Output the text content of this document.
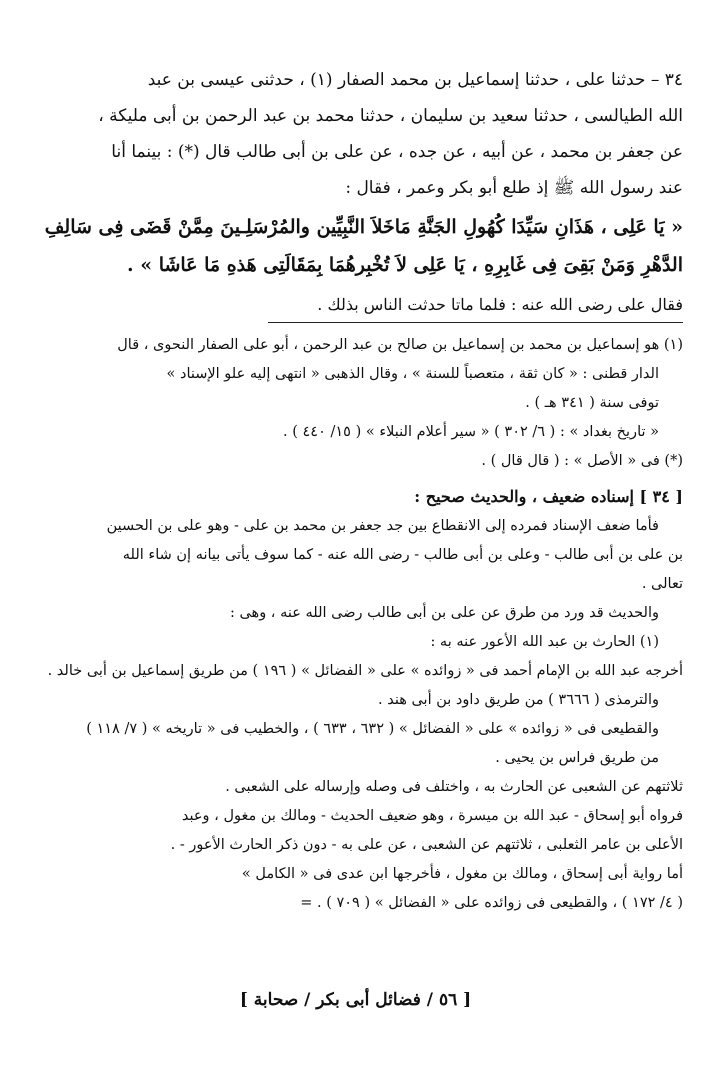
٣٤ – حدثنا على ، حدثنا إسماعيل بن محمد الصفار (١) ، حدثنى عيسى بن عبد

الله الطيالسى ، حدثنا سعيد بن سليمان ، حدثنا محمد بن عبد الرحمن بن أبى مليكة ،

عن جعفر بن محمد ، عن أبيه ، عن جده ، عن على بن أبى طالب قال (*) : بينما أنا

عند رسول الله ﷺ إذ طلع أبو بكر وعمر ، فقال :

« يَا عَلِى ، هَذَانِ سَيِّدَا كُهُولِ الجَنَّةِ مَاخَلاَ النَّبِيِّين والمُرْسَلِـينَ مِمَّنْ قَضَى فِى سَالِفِ

الدَّهْرِ وَمَنْ بَقِىَ فِى غَابِرِهِ ، يَا عَلِى لاَ تُخْبِرهُمَا بِمَقَالَتِى هَذهِ مَا عَاشَا » .

فقال على رضى الله عنه : فلما ماتا حدثت الناس بذلك .

(١) هو إسماعيل بن محمد بن إسماعيل بن صالح بن عبد الرحمن ، أبو على الصفار النحوى ، قال

الدار قطنى : « كان ثقة ، متعصباً للسنة » ، وقال الذهبى « انتهى إليه علو الإسناد »

توفى سنة ( ٣٤١ هـ ) .

« تاريخ بغداد » : ( ٦/ ٣٠٢ ) « سير أعلام النبلاء » ( ١٥/ ٤٤٠ ) .

(*) فى « الأصل » : ( قال قال ) .

[ ٣٤ ] إسناده ضعيف ، والحديث صحيح :

فأما ضعف الإسناد فمرده إلى الانقطاع بين جد جعفر بن محمد بن على - وهو على بن الحسين

بن على بن أبى طالب - وعلى بن أبى طالب - رضى الله عنه - كما سوف يأتى بيانه إن شاء الله

تعالى .

والحديث قد ورد من طرق عن على بن أبى طالب رضى الله عنه ، وهى :

(١) الحارث بن عبد الله الأعور عنه به :

أخرجه عبد الله بن الإمام أحمد فى « زوائده » على « الفضائل » ( ١٩٦ ) من طريق إسماعيل بن أبى خالد .

والترمذى ( ٣٦٦٦ ) من طريق داود بن أبى هند .

والقطيعى فى « زوائده » على « الفضائل » ( ٦٣٢ ، ٦٣٣ ) ، والخطيب فى « تاريخه » ( ٧/ ١١٨ )

من طريق فراس بن يحيى .

ثلاثتهم عن الشعبى عن الحارث به ، واختلف فى وصله وإرساله على الشعبى .

فرواه أبو إسحاق - عبد الله بن ميسرة ، وهو ضعيف الحديث - ومالك بن مغول ، وعبد

الأعلى بن عامر الثعلبى ، ثلاثتهم عن الشعبى ، عن على به - دون ذكر الحارث الأعور - .

أما رواية أبى إسحاق ، ومالك بن مغول ، فأخرجها ابن عدى فى « الكامل »

( ٤/ ١٧٢ ) ، والقطيعى فى زوائده على « الفضائل » ( ٧٠٩ ) . =

[ ٥٦ / فضائل أبى بكر / صحابة ]
